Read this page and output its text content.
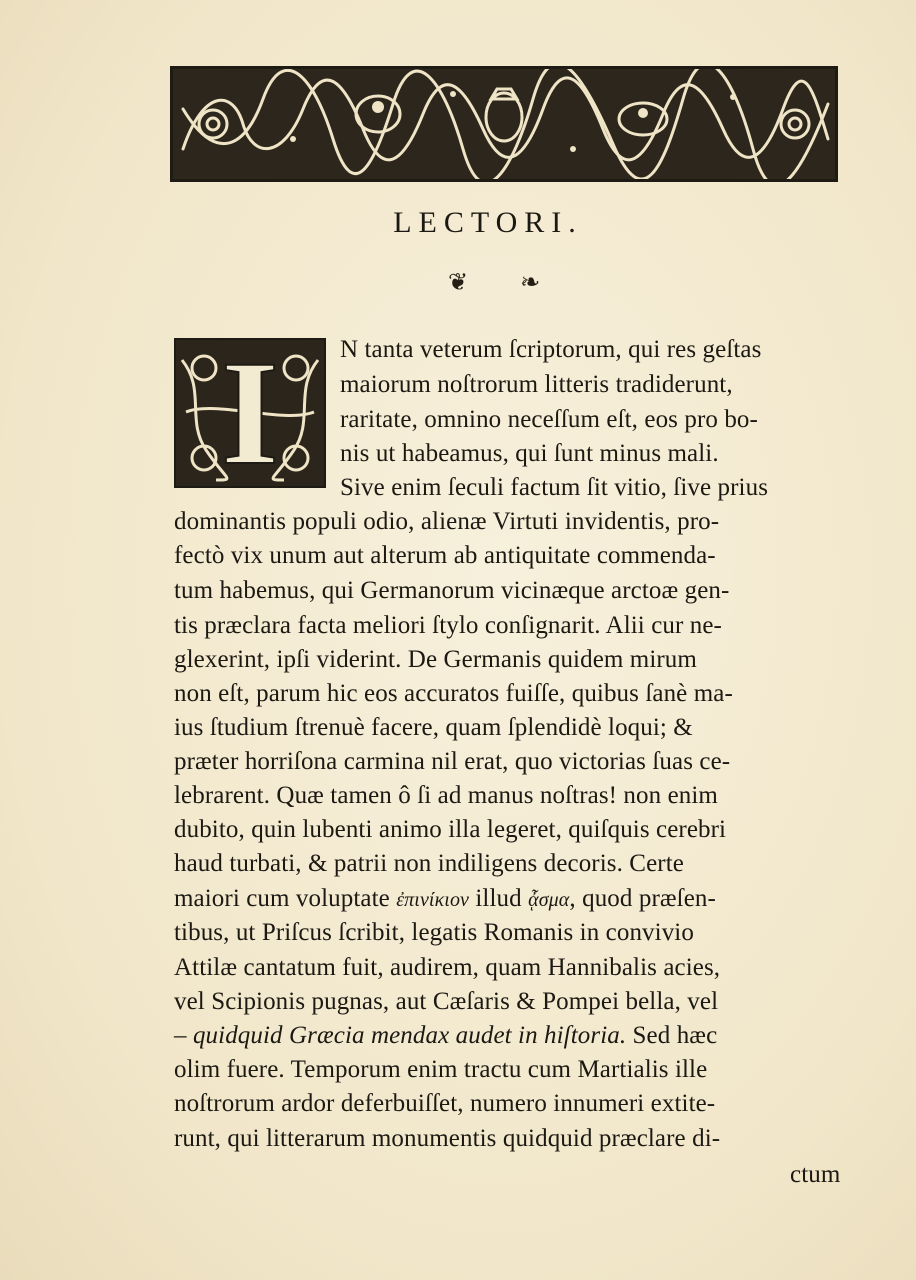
LECTORI.
❦ ❧
I	N tanta veterum ſcriptorum, qui res geſtas
maiorum noſtrorum litteris tradiderunt,
raritate, omnino neceſſum eſt, eos pro bo-
nis ut habeamus, qui ſunt minus mali.
Sive enim ſeculi factum ſit vitio, ſive prius
dominantis populi odio, alienæ Virtuti invidentis, pro-
fectò vix unum aut alterum ab antiquitate commenda-
tum habemus, qui Germanorum vicinæque arctoæ gen-
tis præclara facta meliori ſtylo conſignarit. Alii cur ne-
glexerint, ipſi viderint. De Germanis quidem mirum
non eſt, parum hic eos accuratos fuiſſe, quibus ſanè ma-
ius ſtudium ſtrenuè facere, quam ſplendidè loqui; &
præter horriſona carmina nil erat, quo victorias ſuas ce-
lebrarent. Quæ tamen ô ſi ad manus noſtras! non enim
dubito, quin lubenti animo illa legeret, quiſquis cerebri
haud turbati, & patrii non indiligens decoris. Certe
maiori cum voluptate ἐπινίκιον illud ᾆσμα, quod præſen-
tibus, ut Priſcus ſcribit, legatis Romanis in convivio
Attilæ cantatum fuit, audirem, quam Hannibalis acies,
vel Scipionis pugnas, aut Cæſaris & Pompei bella, vel
– quidquid Græcia mendax audet in hiſtoria. Sed hæc
olim fuere. Temporum enim tractu cum Martialis ille
noſtrorum ardor deferbuiſſet, numero innumeri extite-
runt, qui litterarum monumentis quidquid præclare di-
ctum
